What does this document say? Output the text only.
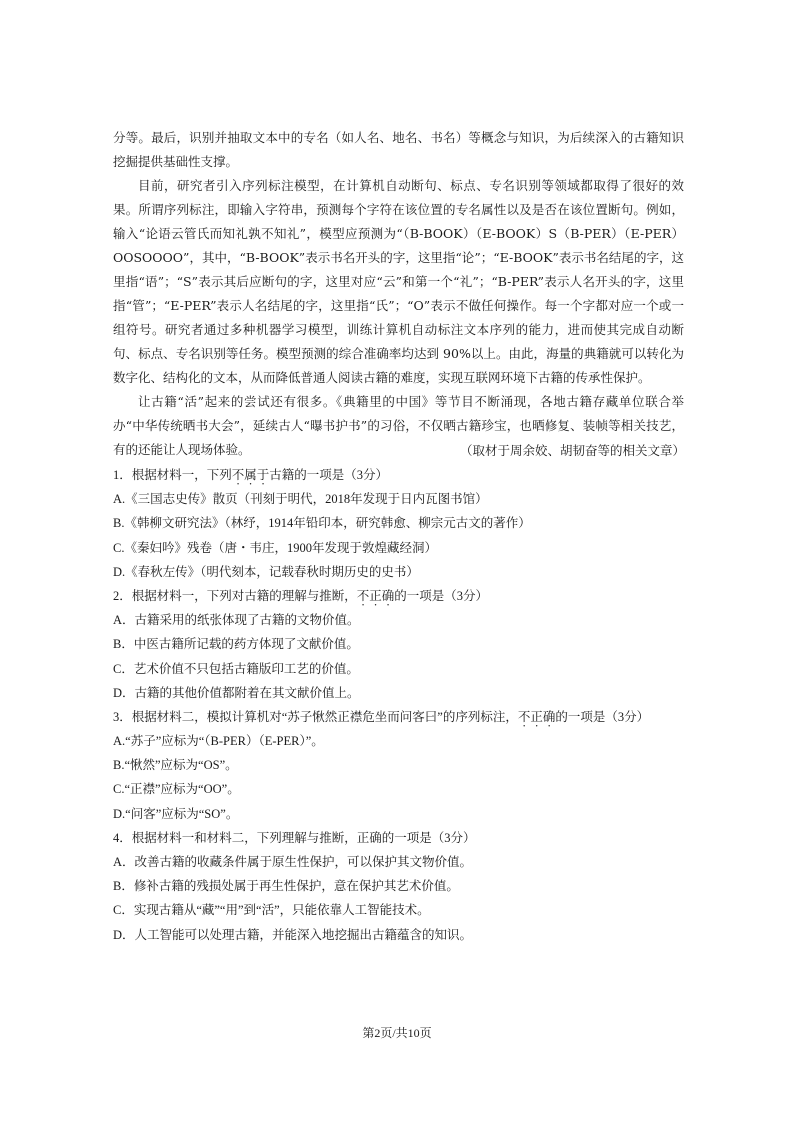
分等。最后，识别并抽取文本中的专名（如人名、地名、书名）等概念与知识，为后续深入的古籍知识挖掘提供基础性支撑。

目前，研究者引入序列标注模型，在计算机自动断句、标点、专名识别等领域都取得了很好的效果。所谓序列标注，即输入字符串，预测每个字符在该位置的专名属性以及是否在该位置断句。例如，输入“论语云管氏而知礼孰不知礼”，模型应预测为“（B-BOOK）（E-BOOK）S（B-PER）（E-PER）OOSOOOO”，其中，“B-BOOK”表示书名开头的字，这里指“论”；“E-BOOK”表示书名结尾的字，这里指“语”；“S”表示其后应断句的字，这里对应“云”和第一个“礼”；“B-PER”表示人名开头的字，这里指“管”；“E-PER”表示人名结尾的字，这里指“氏”；“O”表示不做任何操作。每一个字都对应一个或一组符号。研究者通过多种机器学习模型，训练计算机自动标注文本序列的能力，进而使其完成自动断句、标点、专名识别等任务。模型预测的综合准确率均达到 90%以上。由此，海量的典籍就可以转化为数字化、结构化的文本，从而降低普通人阅读古籍的难度，实现互联网环境下古籍的传承性保护。

让古籍“活”起来的尝试还有很多。《典籍里的中国》等节目不断涌现，各地古籍存藏单位联合举办“中华传统晒书大会”，延续古人“曝书护书”的习俗，不仅晒古籍珍宝，也晒修复、装帧等相关技艺，有的还能让人现场体验。	（取材于周余姣、胡韧奋等的相关文章）
1．根据材料一，下列不属于古籍的一项是（3分）
A.《三国志史传》散页（刊刻于明代，2018年发现于日内瓦图书馆）
B.《韩柳文研究法》（林纾，1914年铅印本，研究韩愈、柳宗元古文的著作）
C.《秦妇吟》残卷（唐・韦庄，1900年发现于敦煌藏经洞）
D.《春秋左传》（明代刻本，记载春秋时期历史的史书）
2．根据材料一，下列对古籍的理解与推断，不正确的一项是（3分）
A．古籍采用的纸张体现了古籍的文物价值。
B．中医古籍所记载的药方体现了文献价值。
C．艺术价值不只包括古籍版印工艺的价值。
D．古籍的其他价值都附着在其文献价值上。
3．根据材料二，模拟计算机对“苏子愀然正襟危坐而问客曰”的序列标注，不正确的一项是（3分）
A.“苏子”应标为“（B-PER）（E-PER）”。
B.“愀然”应标为“OS”。
C.“正襟”应标为“OO”。
D.“问客”应标为“SO”。
4．根据材料一和材料二，下列理解与推断，正确的一项是（3分）
A．改善古籍的收藏条件属于原生性保护，可以保护其文物价值。
B．修补古籍的残损处属于再生性保护，意在保护其艺术价值。
C．实现古籍从“藏”“用”到“活”，只能依靠人工智能技术。
D．人工智能可以处理古籍，并能深入地挖掘出古籍蕴含的知识。
第2页/共10页
